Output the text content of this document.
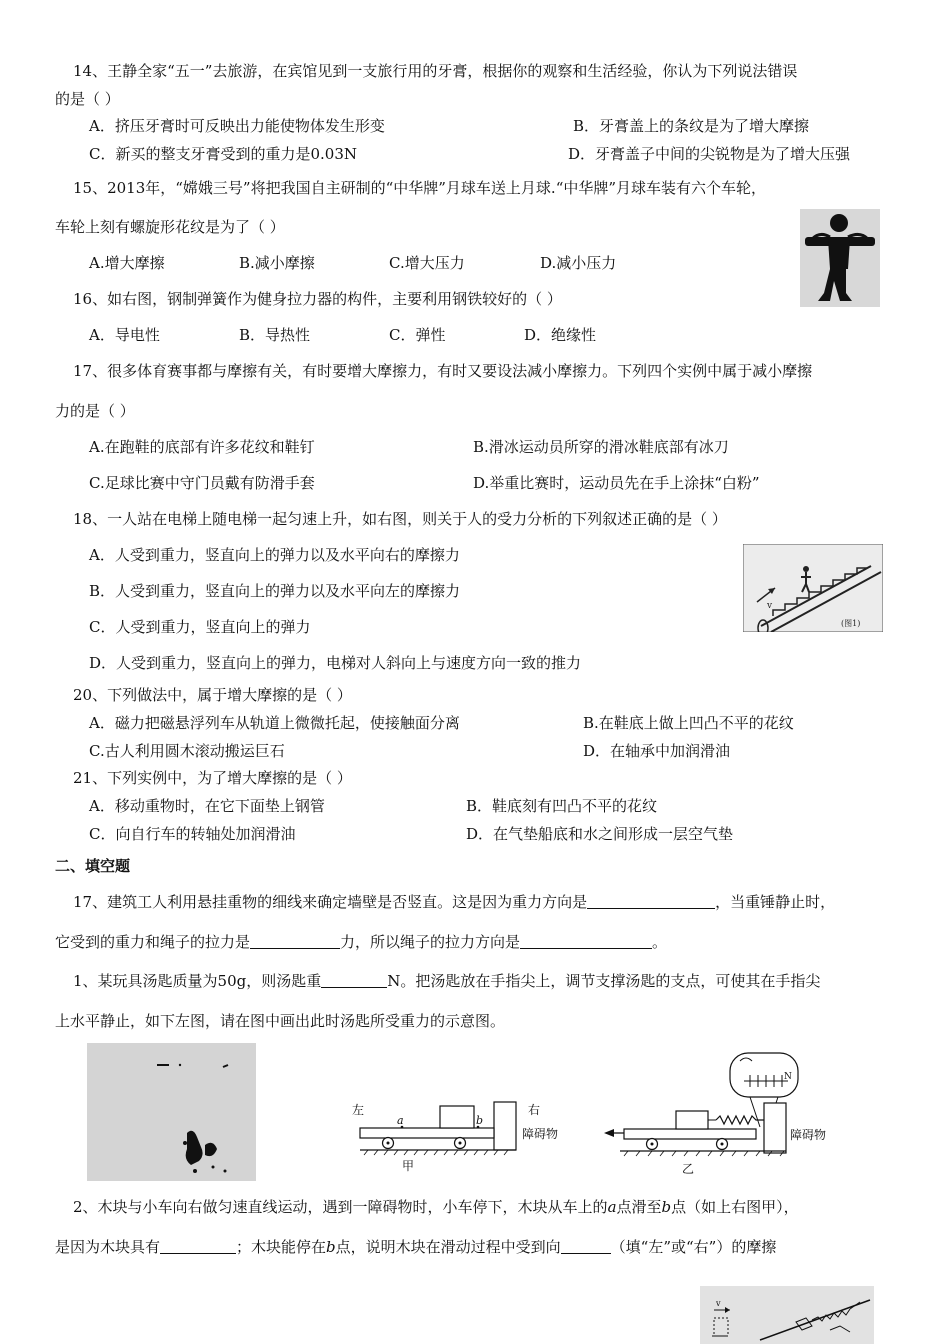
14、王静全家“五一”去旅游，在宾馆见到一支旅行用的牙膏，根据你的观察和生活经验，你认为下列说法错误
的是（ ）
A．挤压牙膏时可反映出力能使物体发生形变	B．牙膏盖上的条纹是为了增大摩擦
C．新买的整支牙膏受到的重力是0.03N	D．牙膏盖子中间的尖锐物是为了增大压强
15、2013年，“嫦娥三号”将把我国自主研制的“中华牌”月球车送上月球.“中华牌”月球车装有六个车轮，
车轮上刻有螺旋形花纹是为了（ ）
A.增大摩擦	B.减小摩擦	C.增大压力	D.减小压力
16、如右图，钢制弹簧作为健身拉力器的构件，主要利用钢铁较好的（ ）
A．导电性	B．导热性	C．弹性	D．绝缘性
17、很多体育赛事都与摩擦有关，有时要增大摩擦力，有时又要设法减小摩擦力。下列四个实例中属于减小摩擦
力的是（ ）
A.在跑鞋的底部有许多花纹和鞋钉	B.滑冰运动员所穿的滑冰鞋底部有冰刀
C.足球比赛中守门员戴有防滑手套	D.举重比赛时，运动员先在手上涂抹“白粉”
18、一人站在电梯上随电梯一起匀速上升，如右图，则关于人的受力分析的下列叙述正确的是（ ）
A．人受到重力，竖直向上的弹力以及水平向右的摩擦力
B．人受到重力，竖直向上的弹力以及水平向左的摩擦力
C．人受到重力，竖直向上的弹力
D．人受到重力，竖直向上的弹力，电梯对人斜向上与速度方向一致的推力
v
(图1)
20、下列做法中，属于增大摩擦的是（ ）
A．磁力把磁悬浮列车从轨道上微微托起，使接触面分离	B.在鞋底上做上凹凸不平的花纹
C.古人利用圆木滚动搬运巨石	D．在轴承中加润滑油
21、下列实例中，为了增大摩擦的是（ ）
A．移动重物时，在它下面垫上钢管	B．鞋底刻有凹凸不平的花纹
C．向自行车的转轴处加润滑油	D．在气垫船底和水之间形成一层空气垫
二、填空题
17、建筑工人利用悬挂重物的细线来确定墙壁是否竖直。这是因为重力方向是	，当重锤静止时，
它受到的重力和绳子的拉力是	力，所以绳子的拉力方向是	。
1、某玩具汤匙质量为50g，则汤匙重	N。把汤匙放在手指尖上，调节支撑汤匙的支点，可使其在手指尖
上水平静止，如下左图，请在图中画出此时汤匙所受重力的示意图。
左	右
a	b
障碍物
甲
N
障碍物
乙
2、木块与小车向右做匀速直线运动，遇到一障碍物时，小车停下，木块从车上的a点滑至b点（如上右图甲），
是因为木块具有	；木块能停在b点，说明木块在滑动过程中受到向	（填“左”或“右”）的摩擦
v
